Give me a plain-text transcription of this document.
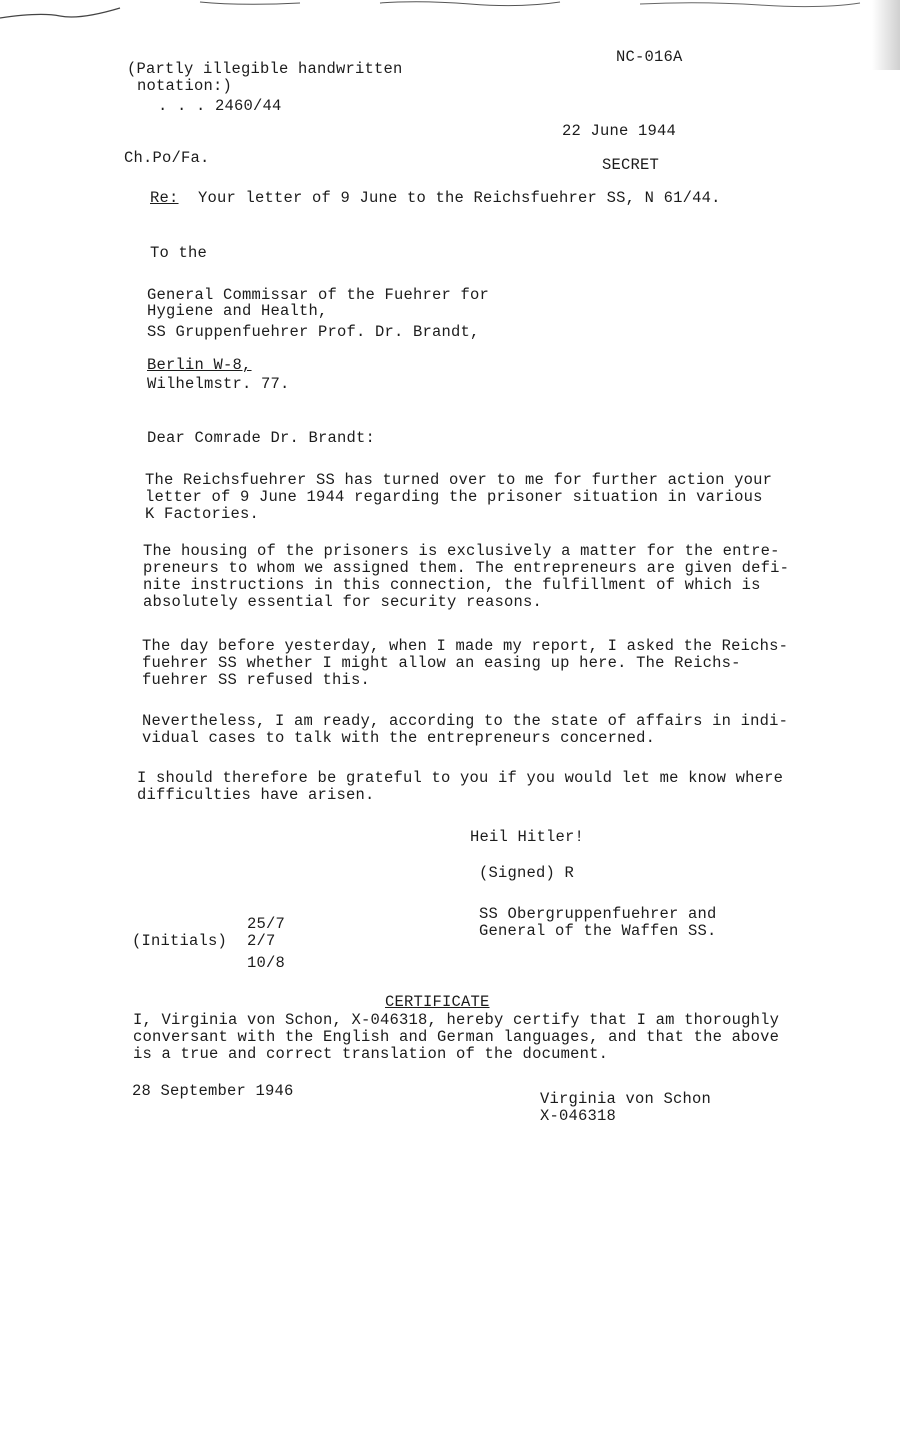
(Partly illegible handwritten
notation:)
. . . 2460/44
NC-016A
22 June 1944
Ch.Po/Fa.	SECRET
Re: Your letter of 9 June to the Reichsfuehrer SS, N 61/44.
To the
General Commissar of the Fuehrer for
Hygiene and Health,
SS Gruppenfuehrer Prof. Dr. Brandt,
Berlin W-8,
Wilhelmstr. 77.
Dear Comrade Dr. Brandt:
The Reichsfuehrer SS has turned over to me for further action your
letter of 9 June 1944 regarding the prisoner situation in various
K Factories.
The housing of the prisoners is exclusively a matter for the entre-
preneurs to whom we assigned them. The entrepreneurs are given defi-
nite instructions in this connection, the fulfillment of which is
absolutely essential for security reasons.
The day before yesterday, when I made my report, I asked the Reichs-
fuehrer SS whether I might allow an easing up here. The Reichs-
fuehrer SS refused this.
Nevertheless, I am ready, according to the state of affairs in indi-
vidual cases to talk with the entrepreneurs concerned.
I should therefore be grateful to you if you would let me know where
difficulties have arisen.
Heil Hitler!
(Signed) R
SS Obergruppenfuehrer and
General of the Waffen SS.
(Initials)
25/7
2/7
10/8
CERTIFICATE
I, Virginia von Schon, X-046318, hereby certify that I am thoroughly
conversant with the English and German languages, and that the above
is a true and correct translation of the document.
28 September 1946	Virginia von Schon
X-046318
